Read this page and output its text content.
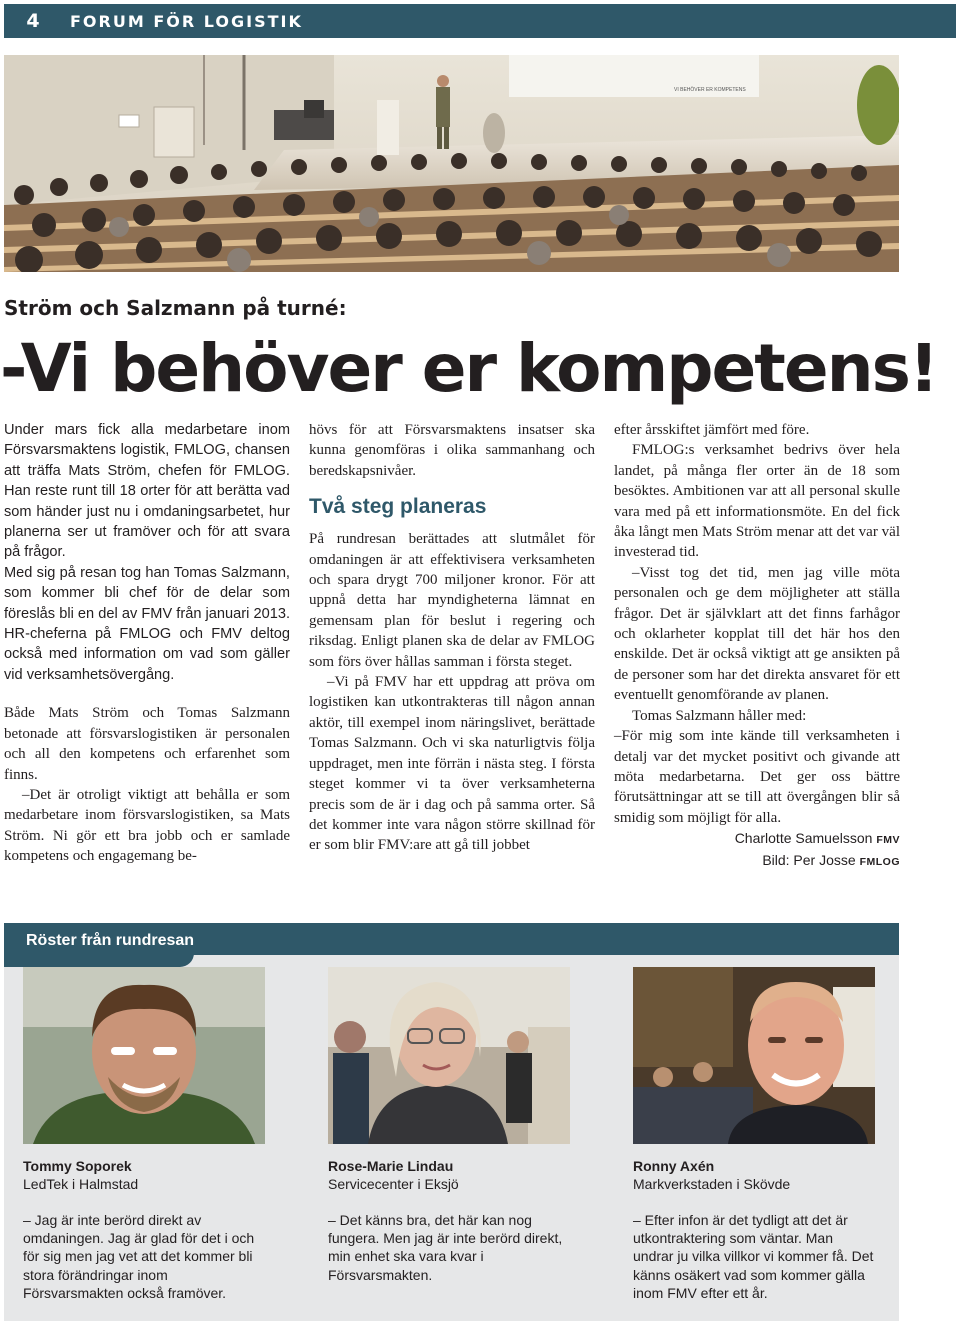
4	FORUM FÖR LOGISTIK
VI BEHÖVER ER KOMPETENS
Ström och Salzmann på turné:
-Vi behöver er kompetens!

Under mars fick alla medarbetare inom Försvarsmaktens logistik, FMLOG, chansen att träffa Mats Ström, chefen för FMLOG. Han reste runt till 18 orter för att berätta vad som händer just nu i omdaningsarbetet, hur planerna ser ut framöver och för att svara på frågor.

Med sig på resan tog han Tomas Salzmann, som kommer bli chef för de delar som föreslås bli en del av FMV från januari 2013. HR-cheferna på FMLOG och FMV deltog också med information om vad som gäller vid verksamhetsövergång.

Både Mats Ström och Tomas Salzmann betonade att försvarslogistiken är personalen och all den kompetens och erfarenhet som finns.

–Det är otroligt viktigt att behålla er som medarbetare inom försvarslogistiken, sa Mats Ström. Ni gör ett bra jobb och er samlade kompetens och engagemang be-

hövs för att Försvarsmaktens insatser ska kunna genomföras i olika sammanhang och beredskapsnivåer.

Två steg planeras

På rundresan berättades att slutmålet för omdaningen är att effektivisera verksamheten och spara drygt 700 miljoner kronor. För att uppnå detta har myndigheterna lämnat en gemensam plan för beslut i regering och riksdag. Enligt planen ska de delar av FMLOG som förs över hållas samman i första steget.

–Vi på FMV har ett uppdrag att pröva om logistiken kan utkontrakteras till någon annan aktör, till exempel inom näringslivet, berättade Tomas Salzmann. Och vi ska naturligtvis följa uppdraget, men inte förrän i nästa steg. I första steget kommer vi ta över verksamheterna precis som de är i dag och på samma orter. Så det kommer inte vara någon större skillnad för er som blir FMV:are att gå till jobbet

efter årsskiftet jämfört med före.

FMLOG:s verksamhet bedrivs över hela landet, på många fler orter än de 18 som besöktes. Ambitionen var att all personal skulle vara med på ett informationsmöte. En del fick åka långt men Mats Ström menar att det var väl investerad tid.

–Visst tog det tid, men jag ville möta personalen och ge dem möjligheter att ställa frågor. Det är självklart att det finns farhågor och oklarheter kopplat till det här hos den enskilde. Det är också viktigt att ge ansikten på de personer som har det direkta ansvaret för ett eventuellt genomförande av planen.

Tomas Salzmann håller med:

–För mig som inte kände till verksamheten i detalj var det mycket positivt och givande att möta medarbetarna. Det ger oss bättre förutsättningar att se till att övergången blir så smidig som möjligt för alla.

Charlotte Samuelsson FMV
Bild: Per Josse FMLOG
Röster från rundresan
Tommy Soporek
LedTek i Halmstad

– Jag är inte berörd direkt av omdaningen. Jag är glad för det i och för sig men jag vet att det kommer bli stora förändringar inom Försvarsmakten också framöver.

Rose-Marie Lindau
Servicecenter i Eksjö

– Det känns bra, det här kan nog fungera. Men jag är inte berörd direkt, min enhet ska vara kvar i Försvarsmakten.

Ronny Axén
Markverkstaden i Skövde

– Efter infon är det tydligt att det är utkontraktering som väntar. Man undrar ju vilka villkor vi kommer få. Det känns osäkert vad som kommer gälla inom FMV efter ett år.
